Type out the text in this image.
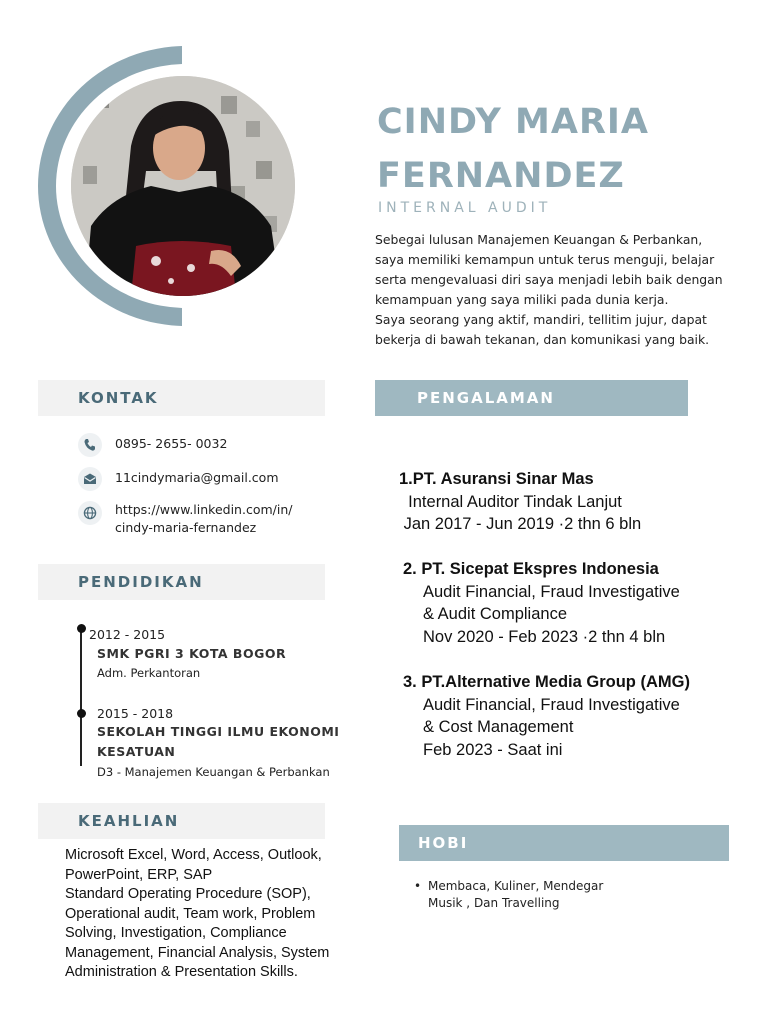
CINDY MARIA
FERNANDEZ
INTERNAL AUDIT

Sebegai lulusan Manajemen Keuangan & Perbankan,

saya memiliki kemampun untuk terus menguji, belajar

serta mengevaluasi diri saya menjadi lebih baik dengan

kemampuan yang saya miliki pada dunia kerja.

Saya seorang yang aktif, mandiri, tellitim jujur, dapat

bekerja di bawah tekanan, dan komunikasi yang baik.

KONTAK
0895- 2655- 0032
11cindymaria@gmail.com
https://www.linkedin.com/in/
cindy-maria-fernandez
PENDIDIKAN
2012 - 2015
SMK PGRI 3 KOTA BOGOR
Adm. Perkantoran
2015 - 2018
SEKOLAH TINGGI ILMU EKONOMI
KESATUAN
D3 - Manajemen Keuangan & Perbankan
KEAHLIAN

Microsoft Excel, Word, Access, Outlook,

PowerPoint, ERP, SAP

Standard Operating Procedure (SOP),

Operational audit, Team work, Problem

Solving, Investigation, Compliance

Management, Financial Analysis, System

Administration & Presentation Skills.

PENGALAMAN
1.PT. Asuransi Sinar Mas
Internal Auditor Tindak Lanjut
Jan 2017 - Jun 2019 ·2 thn 6 bln
2. PT. Sicepat Ekspres Indonesia
Audit Financial, Fraud Investigative
& Audit Compliance
Nov 2020 - Feb 2023 ·2 thn 4 bln
3. PT.Alternative Media Group (AMG)
Audit Financial, Fraud Investigative
& Cost Management
Feb 2023 - Saat ini
HOBI
• Membaca, Kuliner, Mendegar
Musik , Dan Travelling
